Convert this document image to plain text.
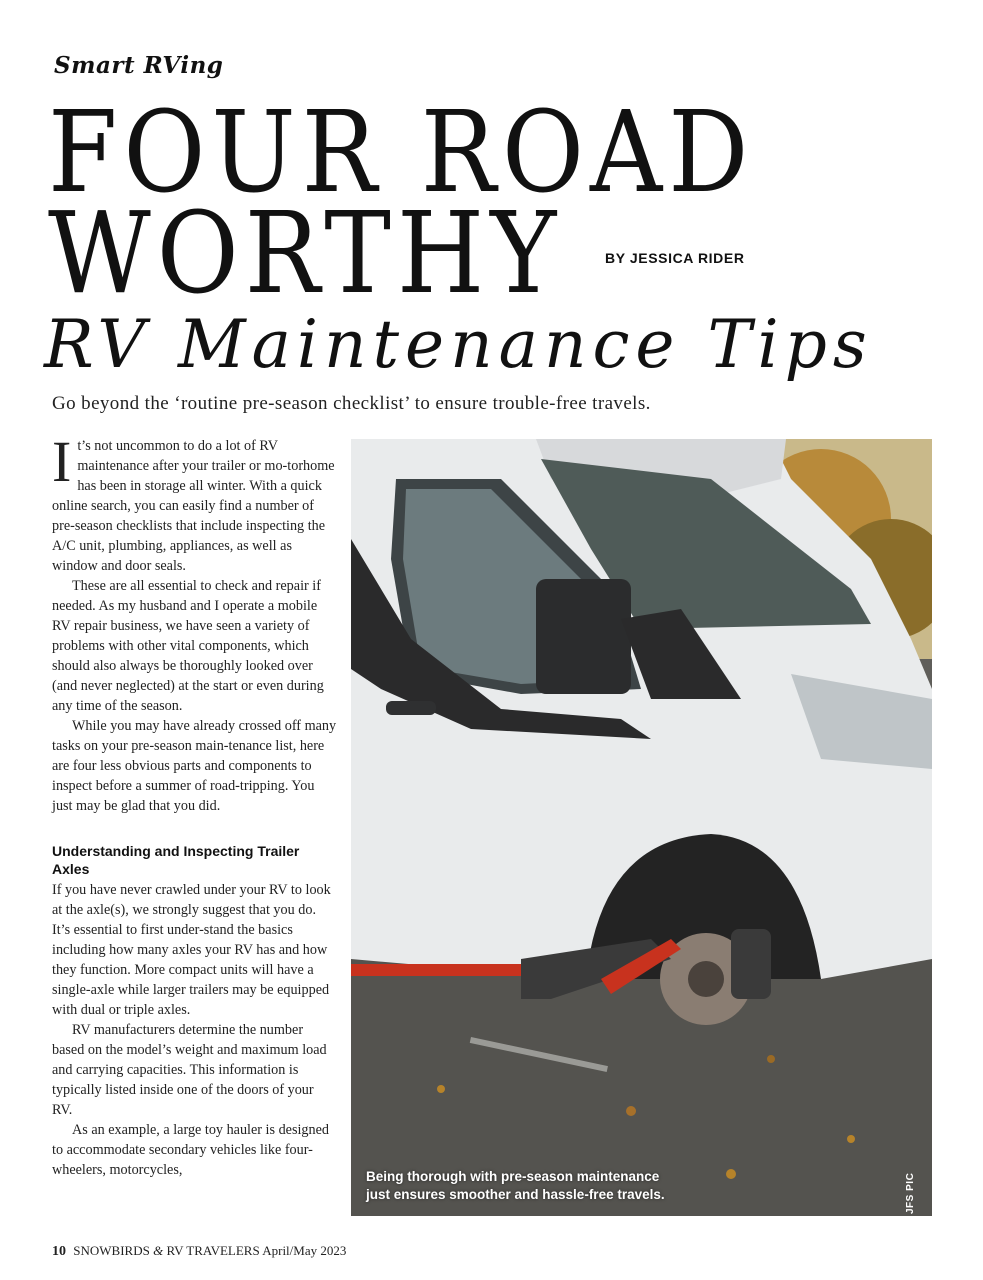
Smart RVing
FOUR ROAD
WORTHY	BY JESSICA RIDER
RV Maintenance Tips

Go beyond the ‘routine pre-season checklist’ to ensure trouble-free travels.

It’s not uncommon to do a lot of RV maintenance after your trailer or mo-torhome has been in storage all winter. With a quick online search, you can easily find a number of pre-season checklists that include inspecting the A/C unit, plumbing, appliances, as well as window and door seals.

These are all essential to check and repair if needed. As my husband and I operate a mobile RV repair business, we have seen a variety of problems with other vital components, which should also always be thoroughly looked over (and never neglected) at the start or even during any time of the season.

While you may have already crossed off many tasks on your pre-season main-tenance list, here are four less obvious parts and components to inspect before a summer of road-tripping. You just may be glad that you did.

Understanding and Inspecting Trailer Axles

If you have never crawled under your RV to look at the axle(s), we strongly suggest that you do. It’s essential to first under-stand the basics including how many axles your RV has and how they function. More compact units will have a single-axle while larger trailers may be equipped with dual or triple axles.

RV manufacturers determine the number based on the model’s weight and maximum load and carrying capacities. This information is typically listed inside one of the doors of your RV.

As an example, a large toy hauler is designed to accommodate secondary vehicles like four-wheelers, motorcycles,	Being thorough with pre-season maintenance just ensures smoother and hassle-free travels.	JFS PIC
10 SNOWBIRDS & RV TRAVELERS April/May 2023
